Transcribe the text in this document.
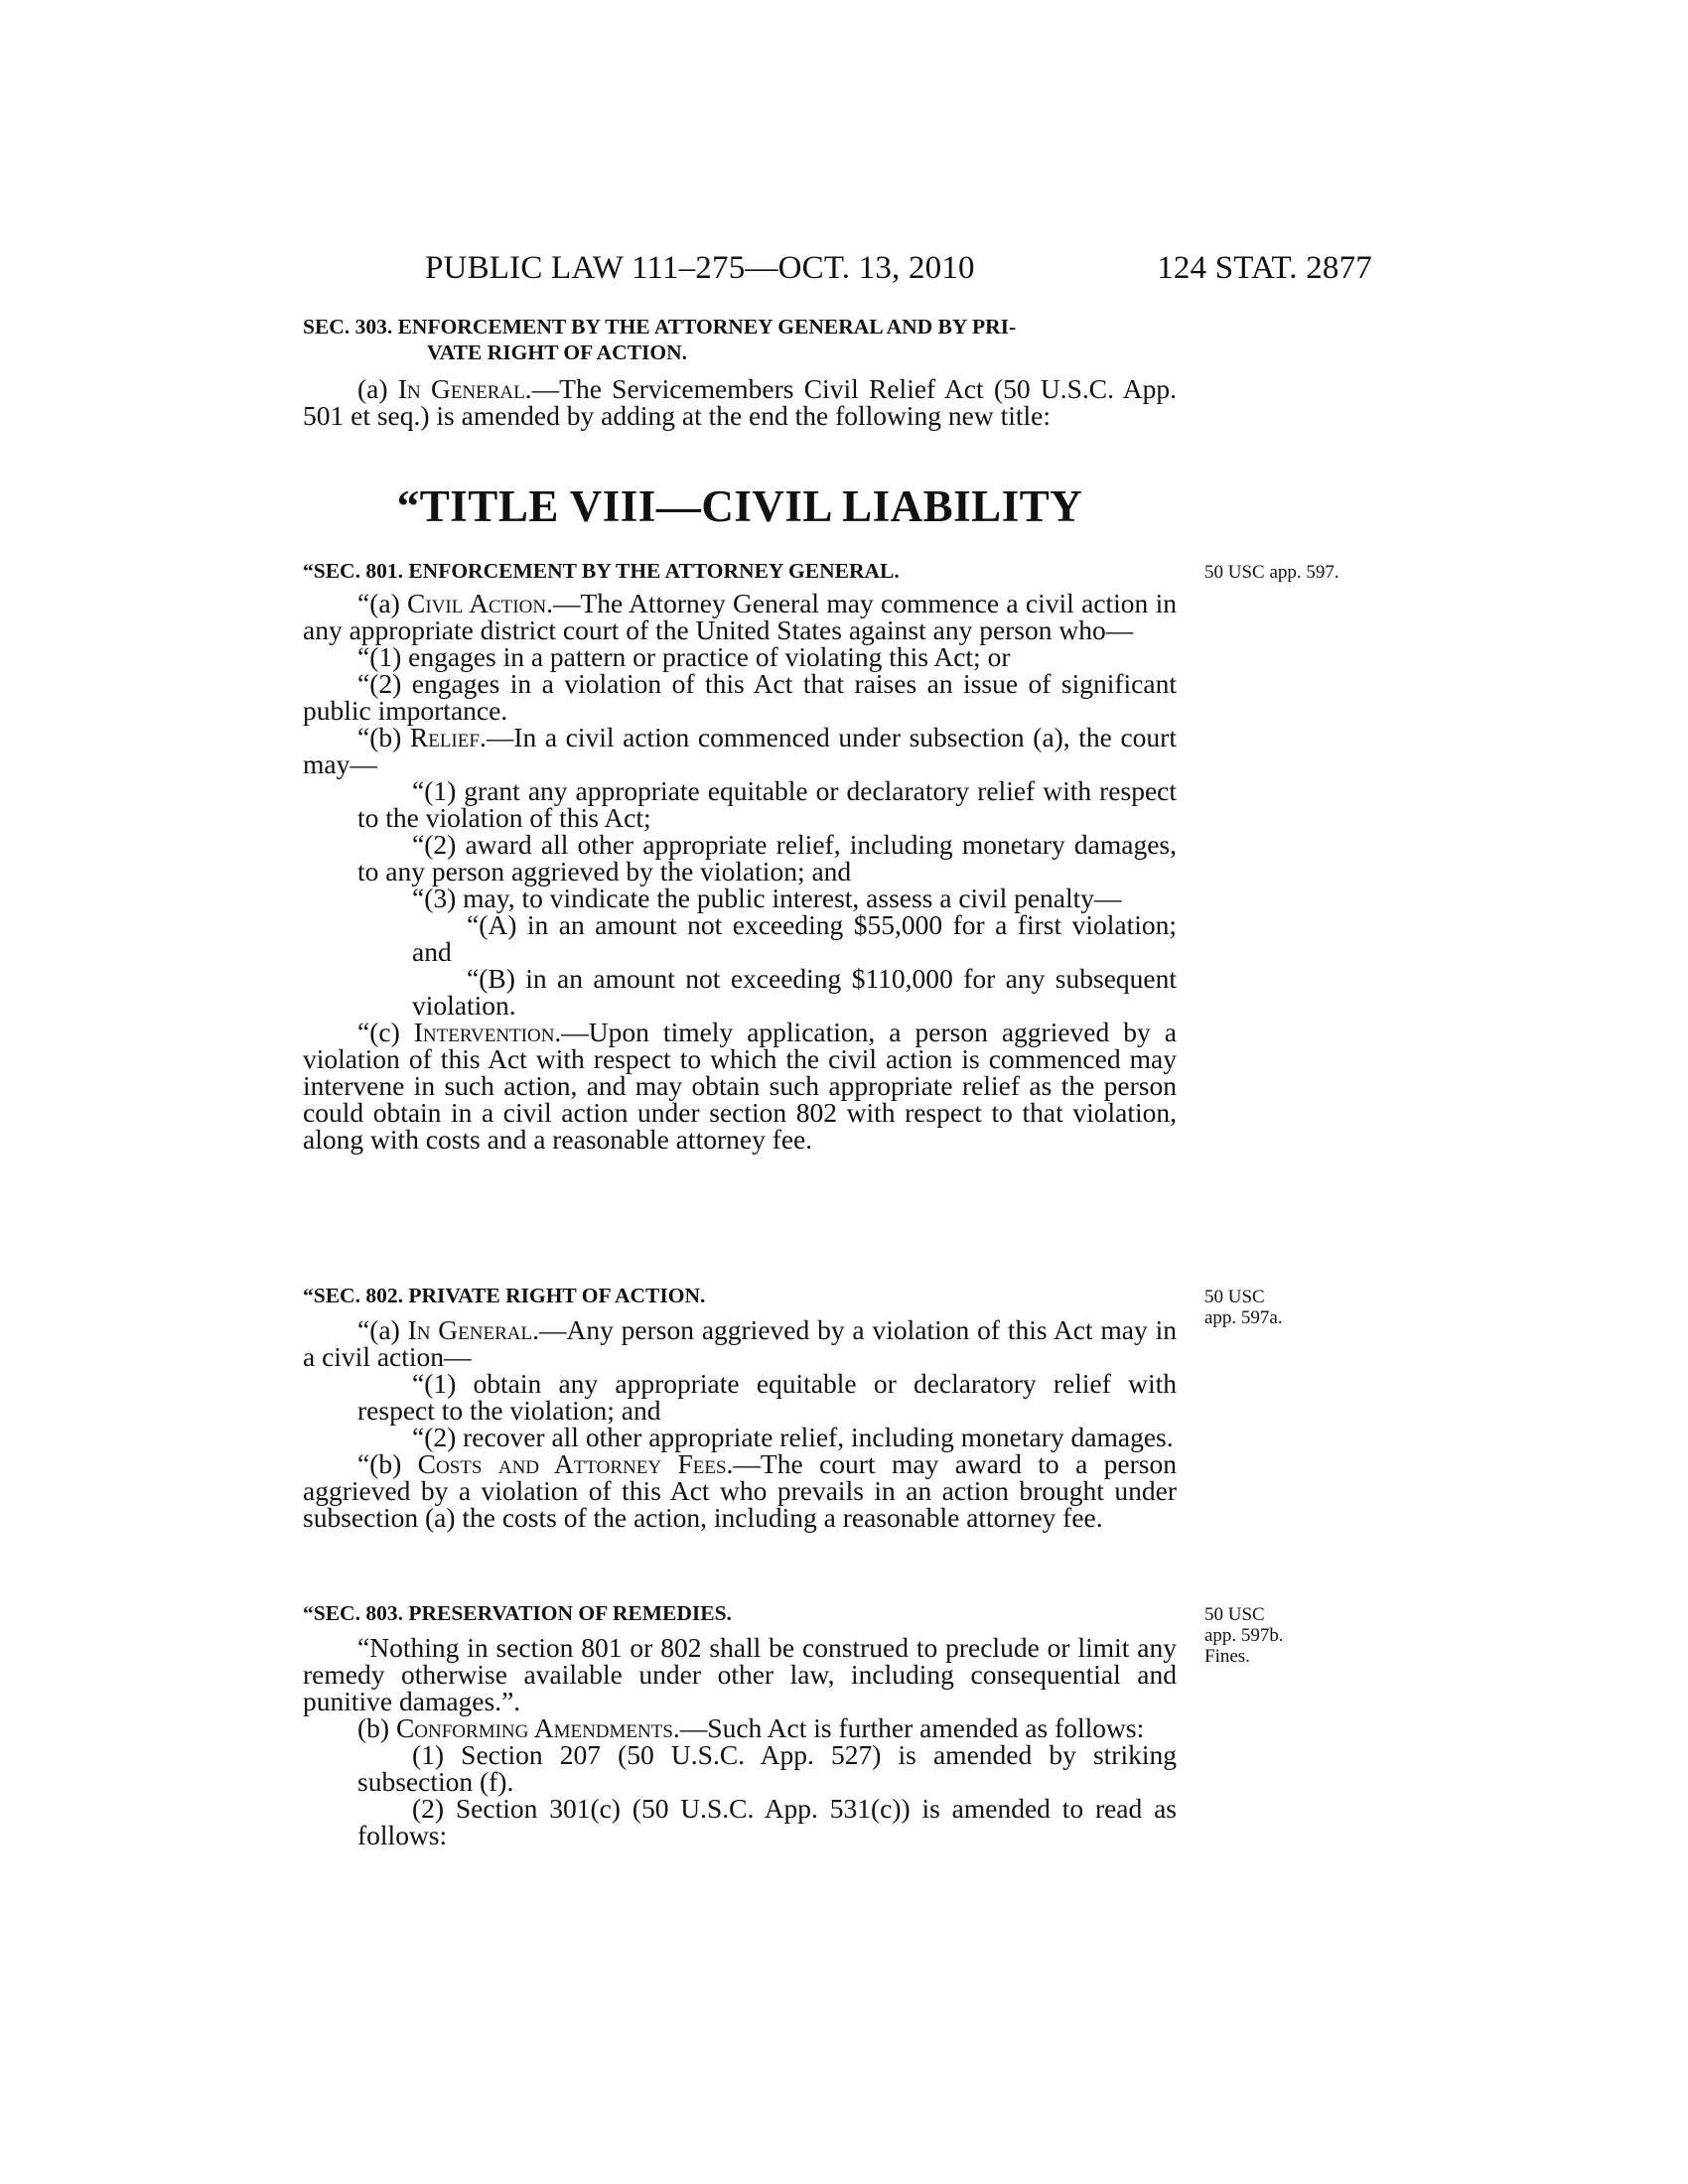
PUBLIC LAW 111–275—OCT. 13, 2010	124 STAT. 2877

SEC. 303. ENFORCEMENT BY THE ATTORNEY GENERAL AND BY PRI-
VATE RIGHT OF ACTION.

(a) In General.—The Servicemembers Civil Relief Act (50 U.S.C. App. 501 et seq.) is amended by adding at the end the following new title:

“TITLE VIII—CIVIL LIABILITY

“SEC. 801. ENFORCEMENT BY THE ATTORNEY GENERAL.

“(a) Civil Action.—The Attorney General may commence a civil action in any appropriate district court of the United States against any person who—

“(1) engages in a pattern or practice of violating this Act; or

“(2) engages in a violation of this Act that raises an issue of significant public importance.

“(b) Relief.—In a civil action commenced under subsection (a), the court may—

“(1) grant any appropriate equitable or declaratory relief with respect to the violation of this Act;

“(2) award all other appropriate relief, including monetary damages, to any person aggrieved by the violation; and

“(3) may, to vindicate the public interest, assess a civil penalty—

“(A) in an amount not exceeding $55,000 for a first violation; and

“(B) in an amount not exceeding $110,000 for any subsequent violation.

“(c) Intervention.—Upon timely application, a person aggrieved by a violation of this Act with respect to which the civil action is commenced may intervene in such action, and may obtain such appropriate relief as the person could obtain in a civil action under section 802 with respect to that violation, along with costs and a reasonable attorney fee.

“SEC. 802. PRIVATE RIGHT OF ACTION.

“(a) In General.—Any person aggrieved by a violation of this Act may in a civil action—

“(1) obtain any appropriate equitable or declaratory relief with respect to the violation; and

“(2) recover all other appropriate relief, including monetary damages.

“(b) Costs and Attorney Fees.—The court may award to a person aggrieved by a violation of this Act who prevails in an action brought under subsection (a) the costs of the action, including a reasonable attorney fee.

“SEC. 803. PRESERVATION OF REMEDIES.

“Nothing in section 801 or 802 shall be construed to preclude or limit any remedy otherwise available under other law, including consequential and punitive damages.”.

(b) Conforming Amendments.—Such Act is further amended as follows:

(1) Section 207 (50 U.S.C. App. 527) is amended by striking subsection (f).

(2) Section 301(c) (50 U.S.C. App. 531(c)) is amended to read as follows:

50 USC app. 597.
50 USC
app. 597a.
50 USC
app. 597b.
Fines.
